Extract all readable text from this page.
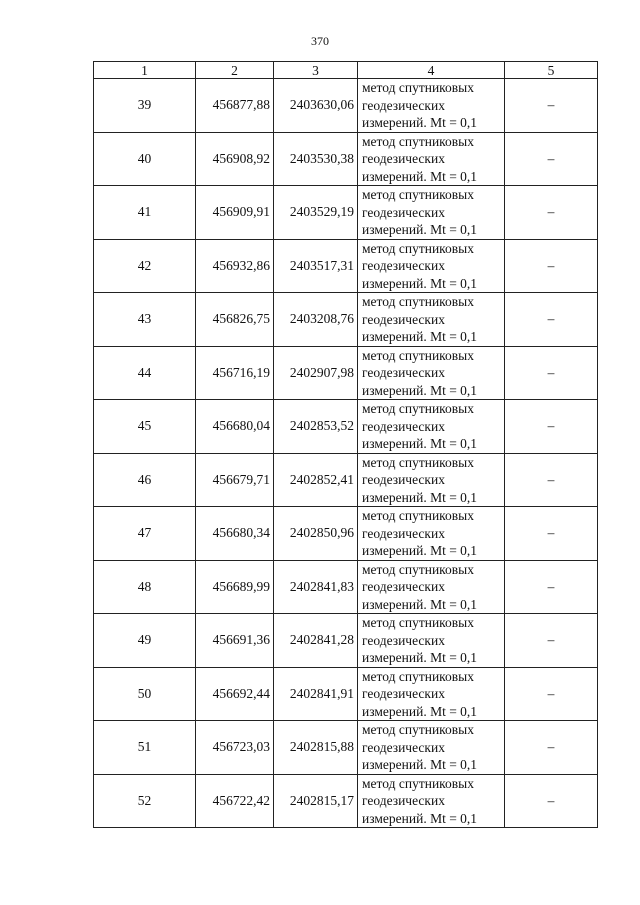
370
1	2	3	4	5
39	456877,88	2403630,06	метод спутниковых
геодезических
измерений. Mt = 0,1	–
40	456908,92	2403530,38	метод спутниковых
геодезических
измерений. Mt = 0,1	–
41	456909,91	2403529,19	метод спутниковых
геодезических
измерений. Mt = 0,1	–
42	456932,86	2403517,31	метод спутниковых
геодезических
измерений. Mt = 0,1	–
43	456826,75	2403208,76	метод спутниковых
геодезических
измерений. Mt = 0,1	–
44	456716,19	2402907,98	метод спутниковых
геодезических
измерений. Mt = 0,1	–
45	456680,04	2402853,52	метод спутниковых
геодезических
измерений. Mt = 0,1	–
46	456679,71	2402852,41	метод спутниковых
геодезических
измерений. Mt = 0,1	–
47	456680,34	2402850,96	метод спутниковых
геодезических
измерений. Mt = 0,1	–
48	456689,99	2402841,83	метод спутниковых
геодезических
измерений. Mt = 0,1	–
49	456691,36	2402841,28	метод спутниковых
геодезических
измерений. Mt = 0,1	–
50	456692,44	2402841,91	метод спутниковых
геодезических
измерений. Mt = 0,1	–
51	456723,03	2402815,88	метод спутниковых
геодезических
измерений. Mt = 0,1	–
52	456722,42	2402815,17	метод спутниковых
геодезических
измерений. Mt = 0,1	–
